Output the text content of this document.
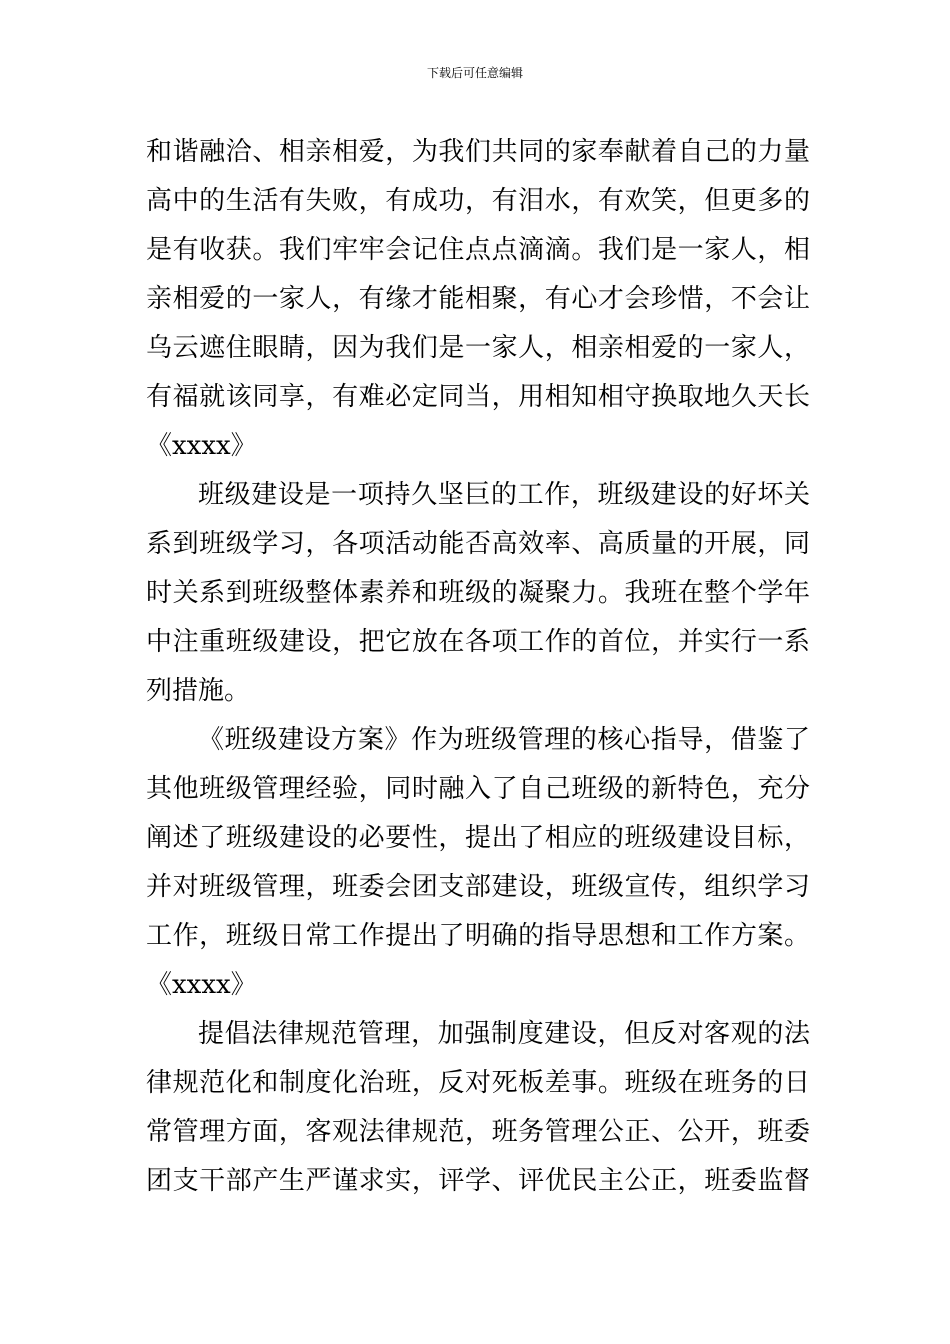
下载后可任意编辑
和谐融洽、相亲相爱，为我们共同的家奉献着自己的力量
高中的生活有失败，有成功，有泪水，有欢笑，但更多的
是有收获。我们牢牢会记住点点滴滴。我们是一家人，相
亲相爱的一家人，有缘才能相聚，有心才会珍惜，不会让
乌云遮住眼睛，因为我们是一家人，相亲相爱的一家人，
有福就该同享，有难必定同当，用相知相守换取地久天长
《xxxx》
班级建设是一项持久坚巨的工作，班级建设的好坏关
系到班级学习，各项活动能否高效率、高质量的开展，同
时关系到班级整体素养和班级的凝聚力。我班在整个学年
中注重班级建设，把它放在各项工作的首位，并实行一系
列措施。
《班级建设方案》作为班级管理的核心指导，借鉴了
其他班级管理经验，同时融入了自己班级的新特色，充分
阐述了班级建设的必要性，提出了相应的班级建设目标，
并对班级管理，班委会团支部建设，班级宣传，组织学习
工作，班级日常工作提出了明确的指导思想和工作方案。
《xxxx》
提倡法律规范管理，加强制度建设，但反对客观的法
律规范化和制度化治班，反对死板差事。班级在班务的日
常管理方面，客观法律规范，班务管理公正、公开，班委
团支干部产生严谨求实，评学、评优民主公正，班委监督
